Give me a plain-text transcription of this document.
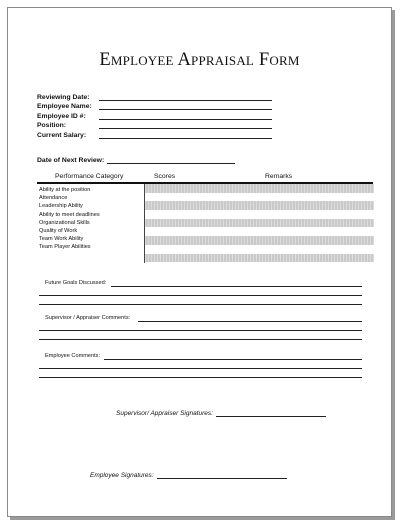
Employee Appraisal Form
Reviewing Date:
Employee Name:
Employee ID #:
Position:
Current Salary:
Date of Next Review:
Performance Category	Scores	Remarks
Ability at the position
Attendance
Leadership Ability
Ability to meet deadlines
Organizational Skills
Quality of Work
Team Work Ability
Team Player Abilities
Future Goals Discussed:
Supervisor / Appraiser Comments:
Employee Comments:
Supervisor/ Appraiser Signatures:
Employee Signatures:
